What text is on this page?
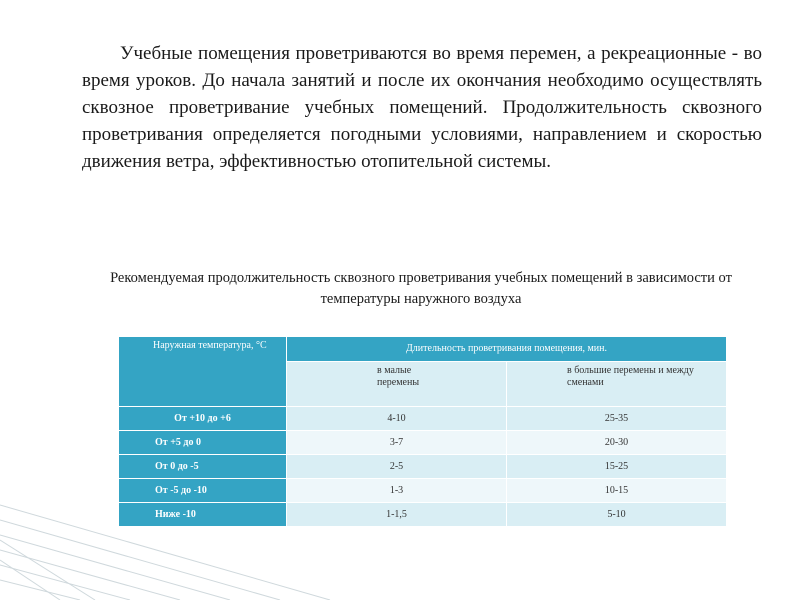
Учебные помещения проветриваются во время перемен, а рекреационные - во время уроков. До начала занятий и после их окончания необходимо осуществлять сквозное проветривание учебных помещений. Продолжительность сквозного проветривания определяется погодными условиями, направлением и скоростью движения ветра, эффективностью отопительной системы.

Рекомендуемая продолжительность сквозного проветривания учебных помещений в зависимости от температуры наружного воздуха

Наружная температура, °С	Длительность проветривания помещения, мин.	

	в малые перемены	в большие перемены и между сменами

От +10 до +6	4-10	25-35
От +5 до 0	3-7	20-30
От 0 до -5	2-5	15-25
От -5 до -10	1-3	10-15
Ниже -10	1-1,5	5-10
